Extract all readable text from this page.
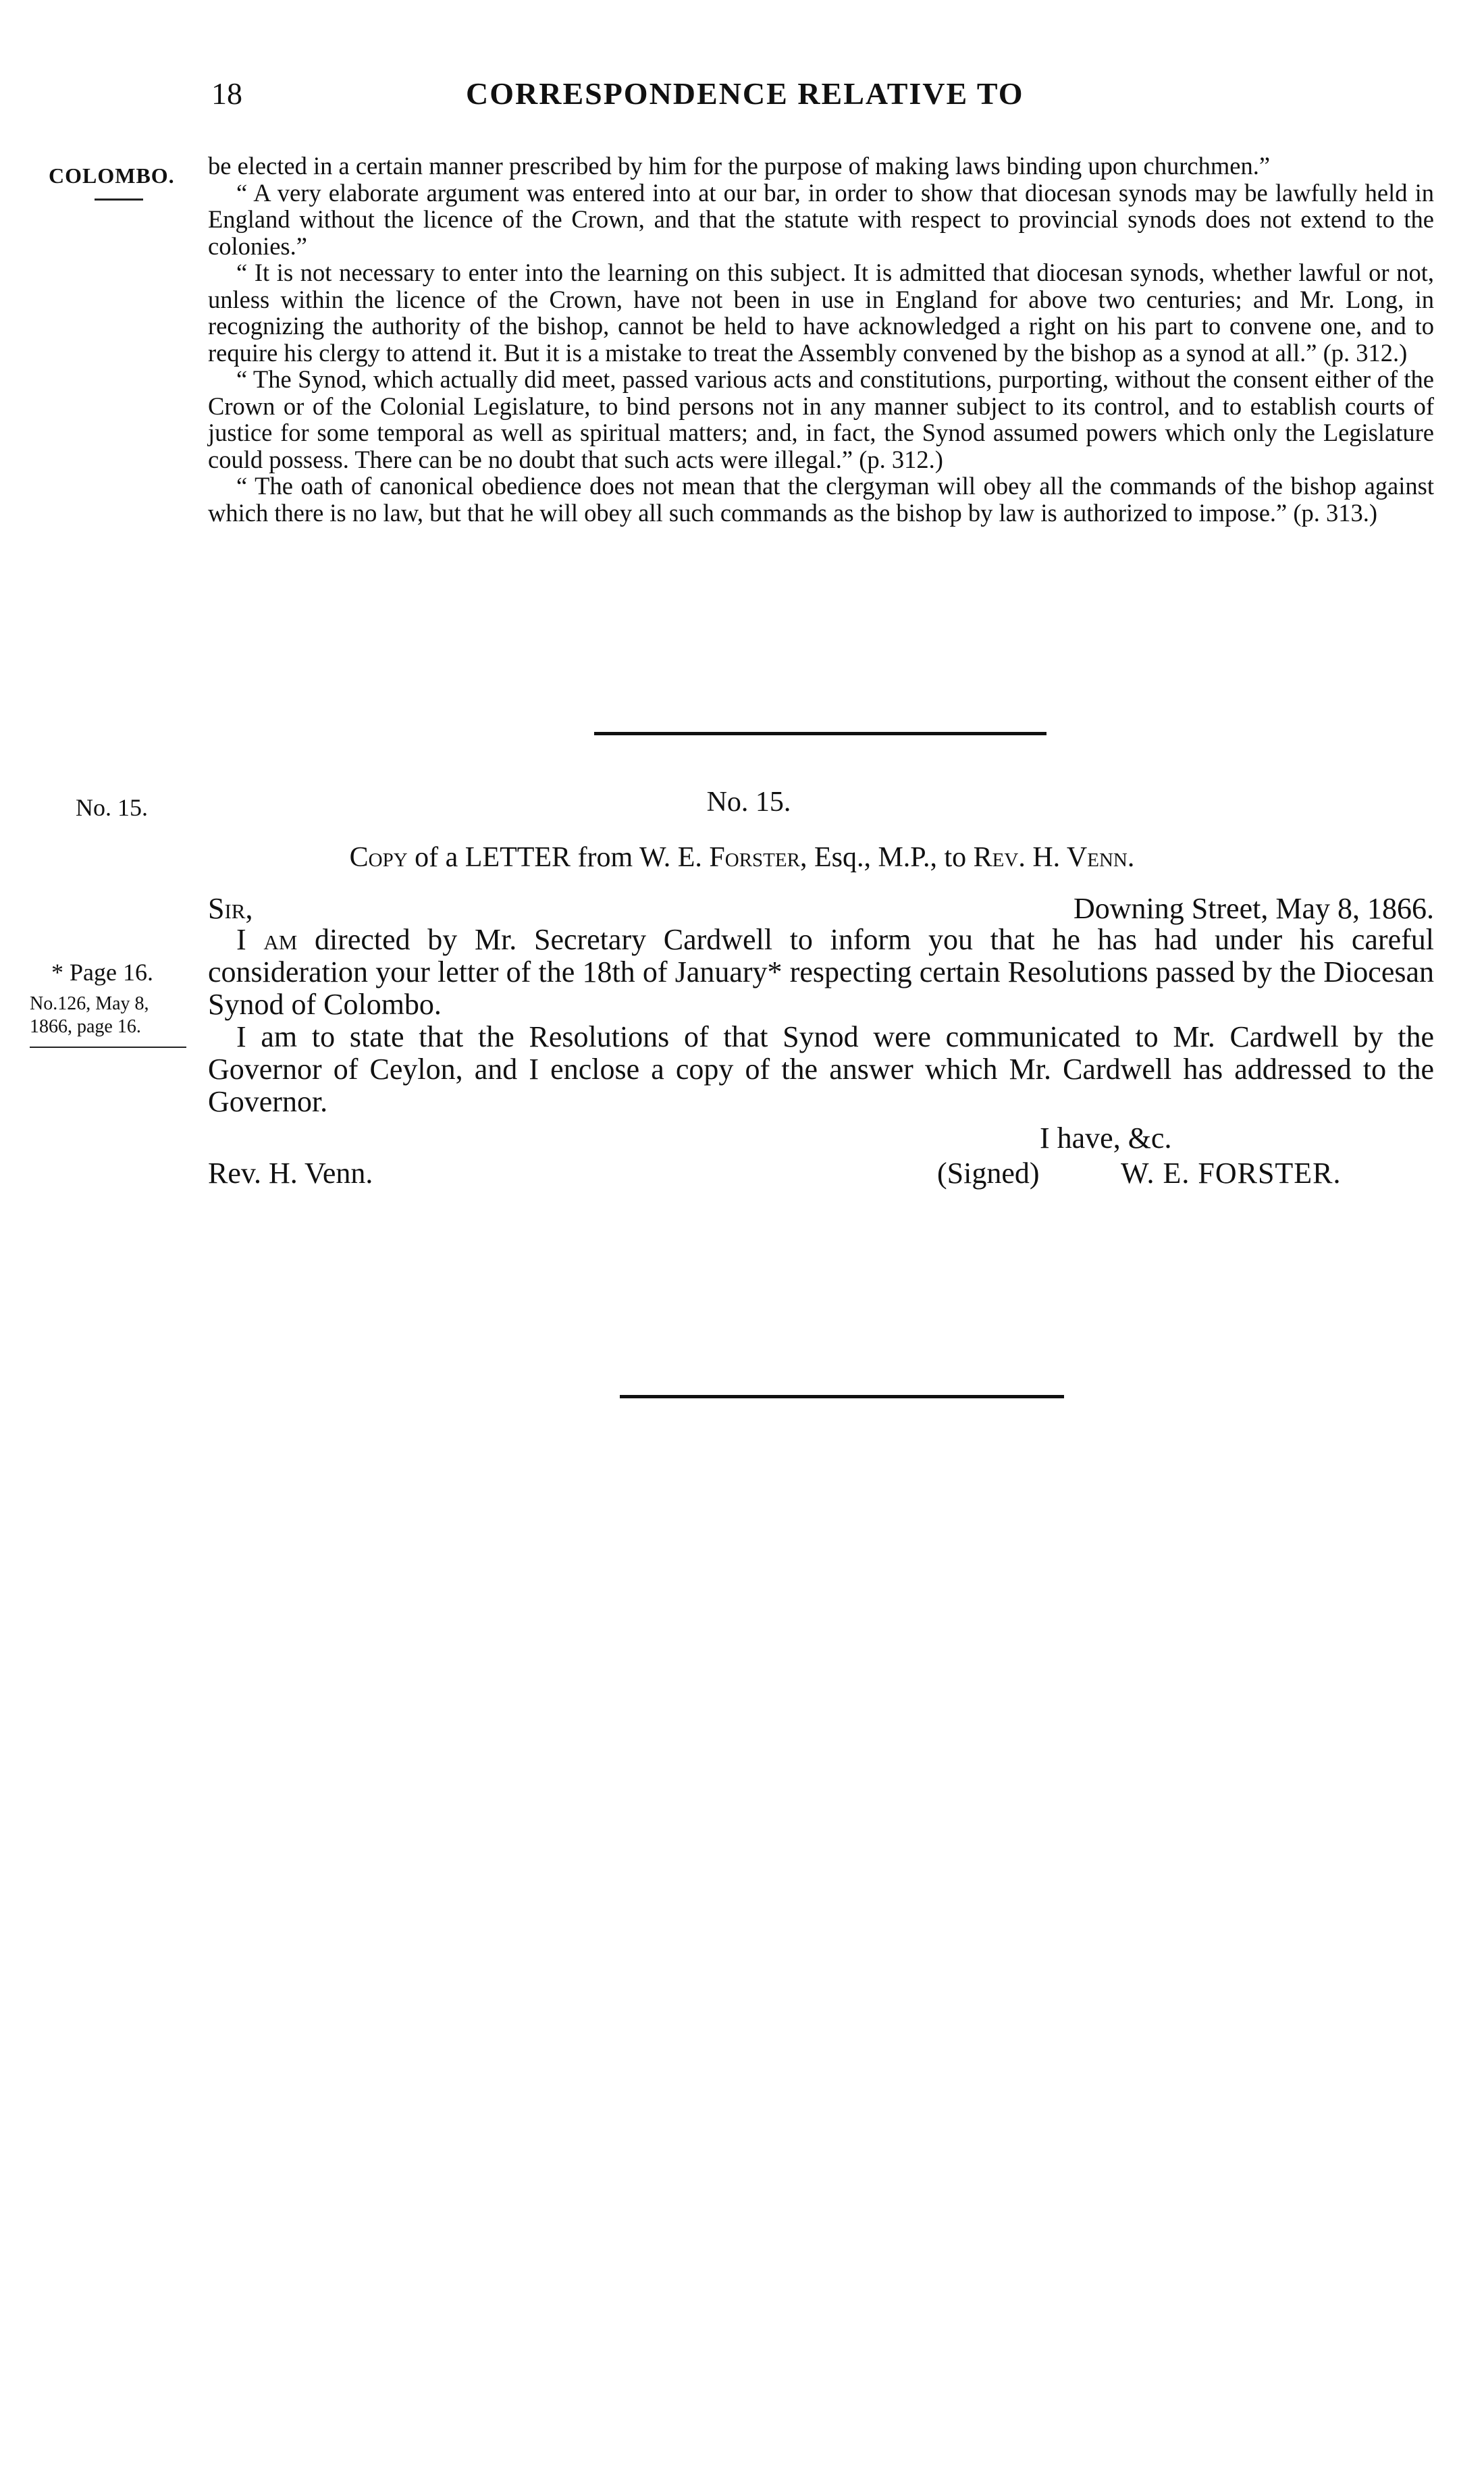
18	CORRESPONDENCE RELATIVE TO
COLOMBO. be elected in a certain manner prescribed by him for the purpose of making laws binding upon churchmen.”

“ A very elaborate argument was entered into at our bar, in order to show that diocesan synods may be lawfully held in England without the licence of the Crown, and that the statute with respect to provincial synods does not extend to the colonies.”

“ It is not necessary to enter into the learning on this subject. It is admitted that diocesan synods, whether lawful or not, unless within the licence of the Crown, have not been in use in England for above two centuries; and Mr. Long, in recognizing the authority of the bishop, cannot be held to have acknowledged a right on his part to convene one, and to require his clergy to attend it. But it is a mistake to treat the Assembly convened by the bishop as a synod at all.” (p. 312.)

“ The Synod, which actually did meet, passed various acts and constitutions, purporting, without the consent either of the Crown or of the Colonial Legislature, to bind persons not in any manner subject to its control, and to establish courts of justice for some temporal as well as spiritual matters; and, in fact, the Synod assumed powers which only the Legislature could possess. There can be no doubt that such acts were illegal.” (p. 312.)

“ The oath of canonical obedience does not mean that the clergyman will obey all the commands of the bishop against which there is no law, but that he will obey all such commands as the bishop by law is authorized to impose.” (p. 313.)

No. 15.	No. 15.
Copy of a LETTER from W. E. Forster, Esq., M.P., to Rev. H. Venn.
Sir,	Downing Street, May 8, 1866.
* Page 16.
No.126, May 8,
1866, page 16.

I am directed by Mr. Secretary Cardwell to inform you that he has had under his careful consideration your letter of the 18th of January* respecting certain Resolutions passed by the Diocesan Synod of Colombo.

I am to state that the Resolutions of that Synod were communicated to Mr. Cardwell by the Governor of Ceylon, and I enclose a copy of the answer which Mr. Cardwell has addressed to the Governor.

I have, &c.
Rev. H. Venn.	(Signed)	W. E. FORSTER.
